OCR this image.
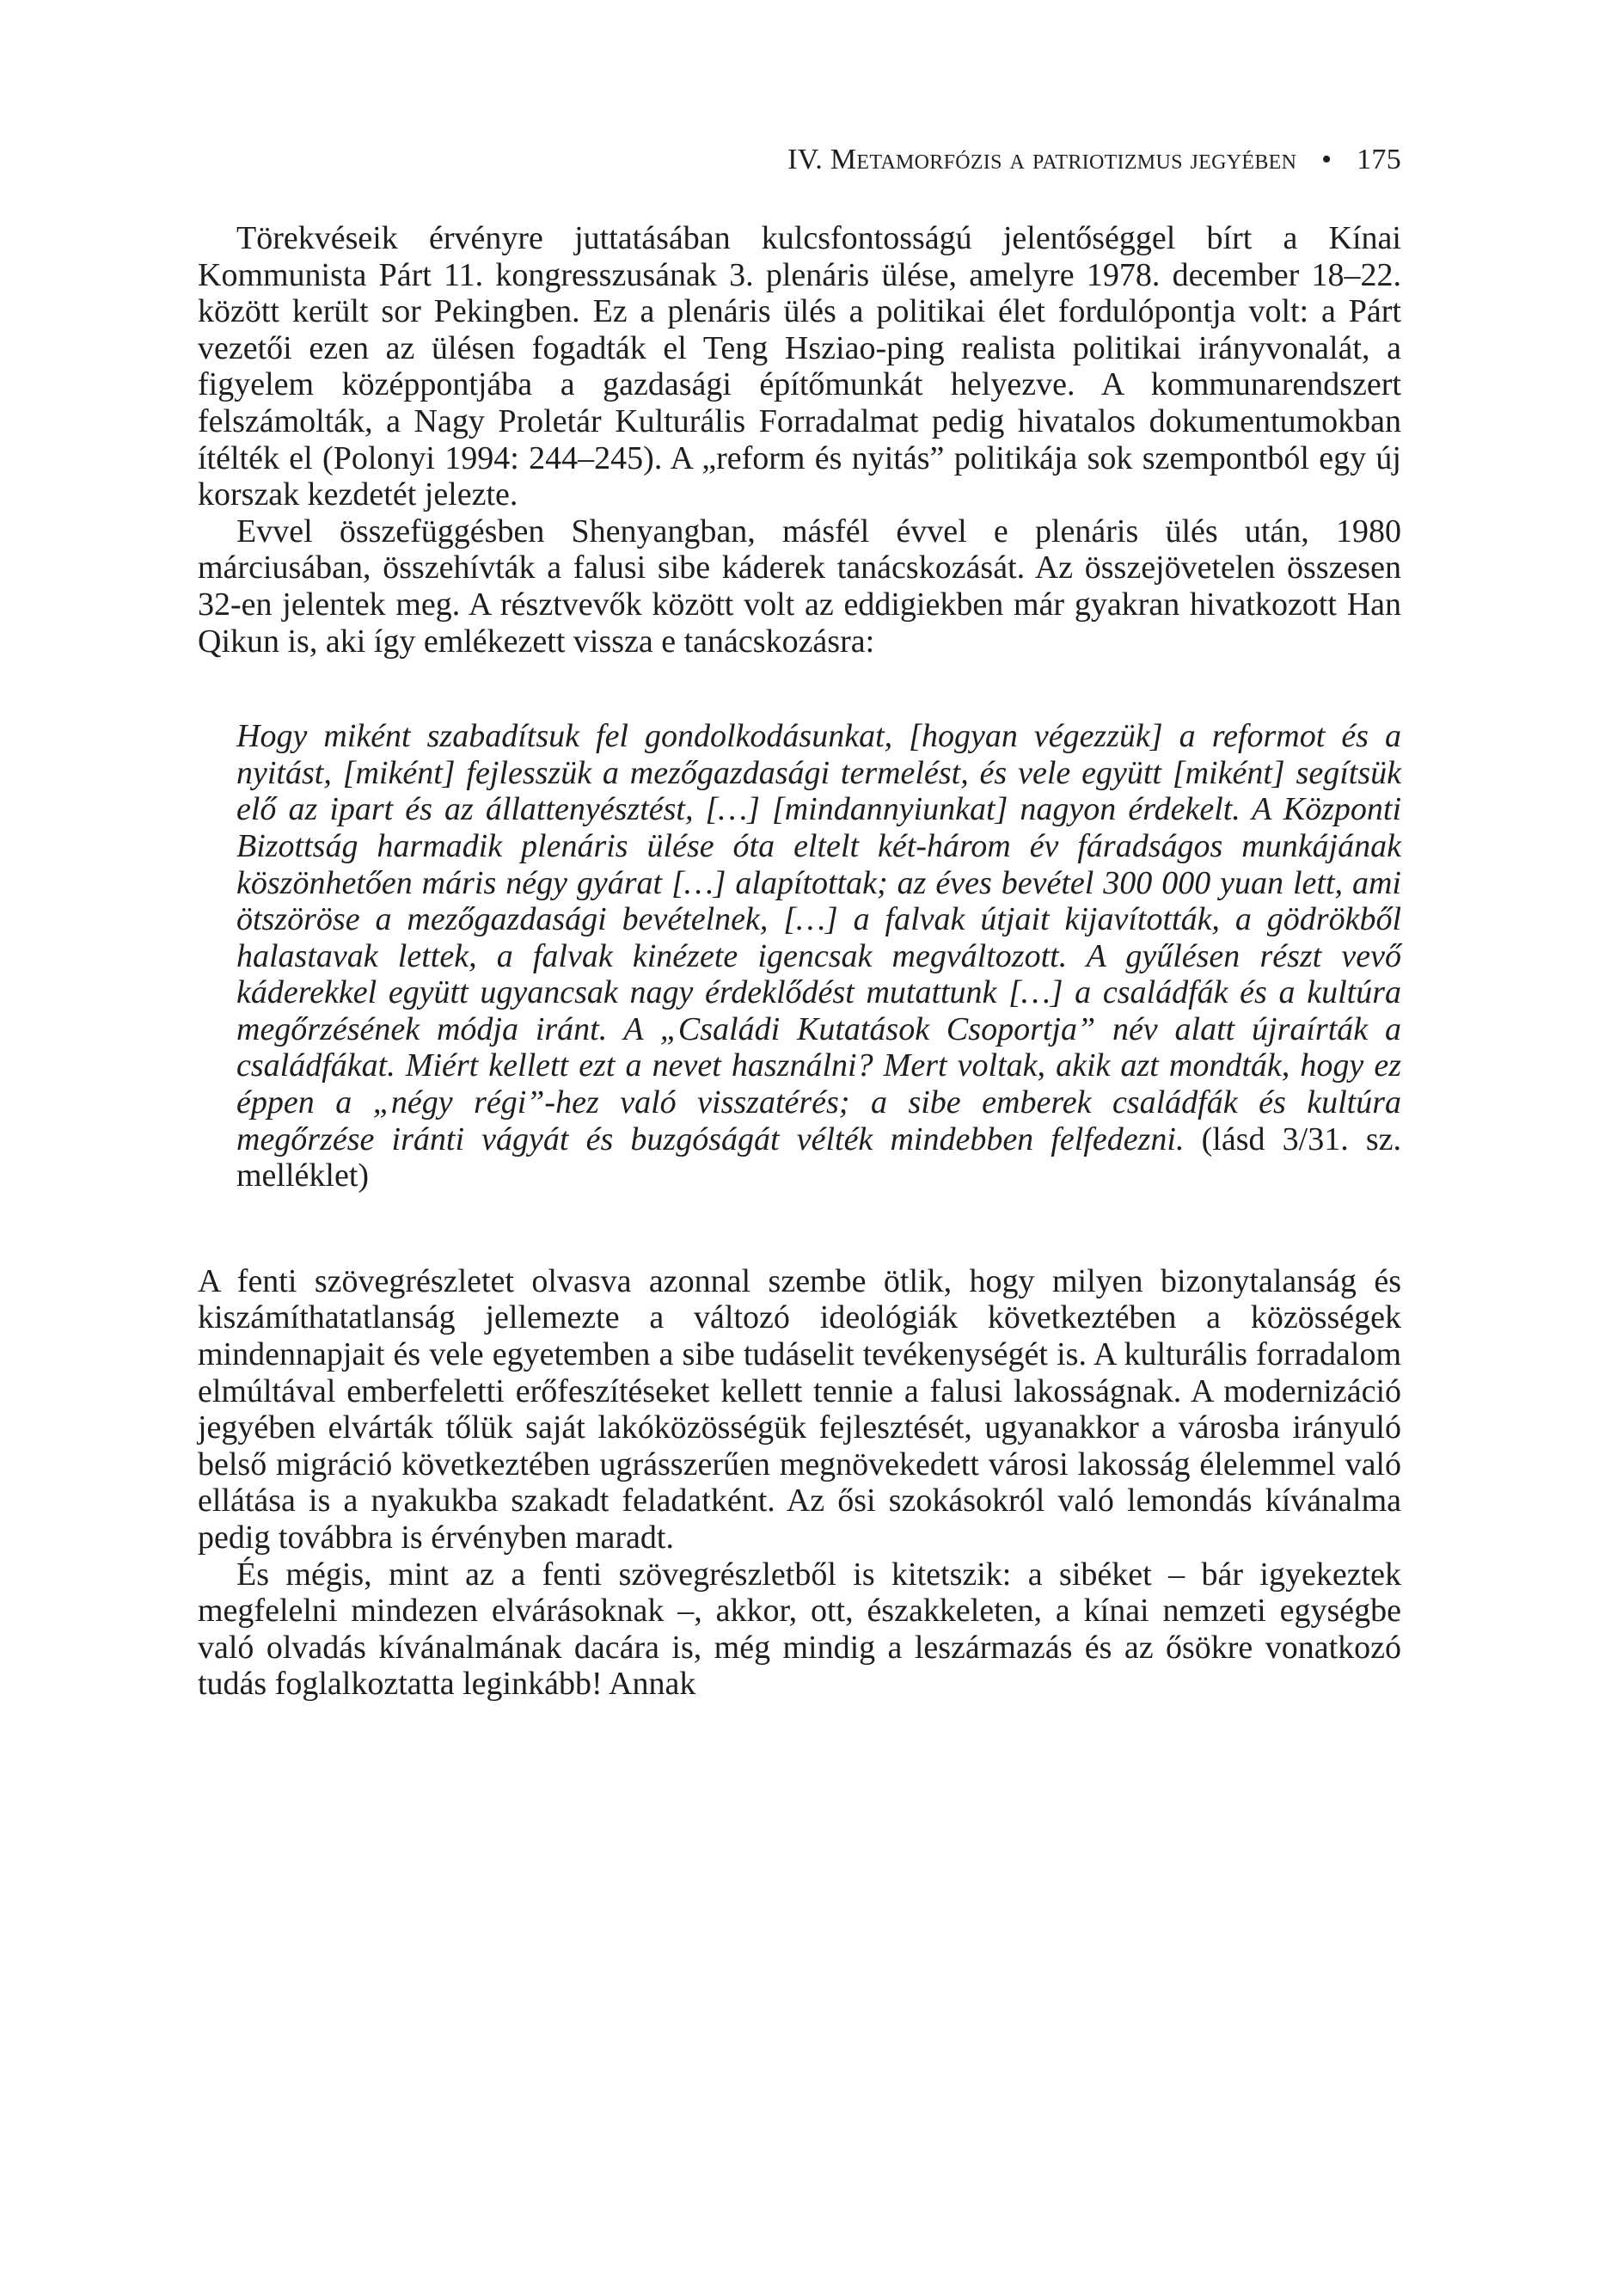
IV. Metamorfózis a patriotizmus jegyében • 175

Törekvéseik érvényre juttatásában kulcsfontosságú jelentőséggel bírt a Kínai Kommunista Párt 11. kongresszusának 3. plenáris ülése, amelyre 1978. december 18–22. között került sor Pekingben. Ez a plenáris ülés a politikai élet fordulópontja volt: a Párt vezetői ezen az ülésen fogadták el Teng Hsziao-ping realista politikai irányvonalát, a figyelem középpontjába a gazdasági építőmunkát helyezve. A kommunarendszert felszámolták, a Nagy Proletár Kulturális Forradalmat pedig hivatalos dokumentumokban ítélték el (Polonyi 1994: 244–245). A „reform és nyitás” politikája sok szempontból egy új korszak kezdetét jelezte.

Evvel összefüggésben Shenyangban, másfél évvel e plenáris ülés után, 1980 márciusában, összehívták a falusi sibe káderek tanácskozását. Az összejövetelen összesen 32-en jelentek meg. A résztvevők között volt az eddigiekben már gyakran hivatkozott Han Qikun is, aki így emlékezett vissza e tanácskozásra:

Hogy miként szabadítsuk fel gondolkodásunkat, [hogyan végezzük] a reformot és a nyitást, [miként] fejlesszük a mezőgazdasági termelést, és vele együtt [miként] segítsük elő az ipart és az állattenyésztést, […] [mindannyiunkat] nagyon érdekelt. A Központi Bizottság harmadik plenáris ülése óta eltelt két-három év fáradságos munkájának köszönhetően máris négy gyárat […] alapítottak; az éves bevétel 300 000 yuan lett, ami ötszöröse a mezőgazdasági bevételnek, […] a falvak útjait kijavították, a gödrökből halastavak lettek, a falvak kinézete igencsak megváltozott. A gyűlésen részt vevő káderekkel együtt ugyancsak nagy érdeklődést mutattunk […] a családfák és a kultúra megőrzésének módja iránt. A „Családi Kutatások Csoportja” név alatt újraírták a családfákat. Miért kellett ezt a nevet használni? Mert voltak, akik azt mondták, hogy ez éppen a „négy régi”-hez való visszatérés; a sibe emberek családfák és kultúra megőrzése iránti vágyát és buzgóságát vélték mindebben felfedezni. (lásd 3/31. sz. melléklet)

A fenti szövegrészletet olvasva azonnal szembe ötlik, hogy milyen bizonytalanság és kiszámíthatatlanság jellemezte a változó ideológiák következtében a közösségek mindennapjait és vele egyetemben a sibe tudáselit tevékenységét is. A kulturális forradalom elmúltával emberfeletti erőfeszítéseket kellett tennie a falusi lakosságnak. A modernizáció jegyében elvárták tőlük saját lakóközösségük fejlesztését, ugyanakkor a városba irányuló belső migráció következtében ugrásszerűen megnövekedett városi lakosság élelemmel való ellátása is a nyakukba szakadt feladatként. Az ősi szokásokról való lemondás kívánalma pedig továbbra is érvényben maradt.

És mégis, mint az a fenti szövegrészletből is kitetszik: a sibéket – bár igyekeztek megfelelni mindezen elvárásoknak –, akkor, ott, északkeleten, a kínai nemzeti egységbe való olvadás kívánalmának dacára is, még mindig a leszármazás és az ősökre vonatkozó tudás foglalkoztatta leginkább! Annak
